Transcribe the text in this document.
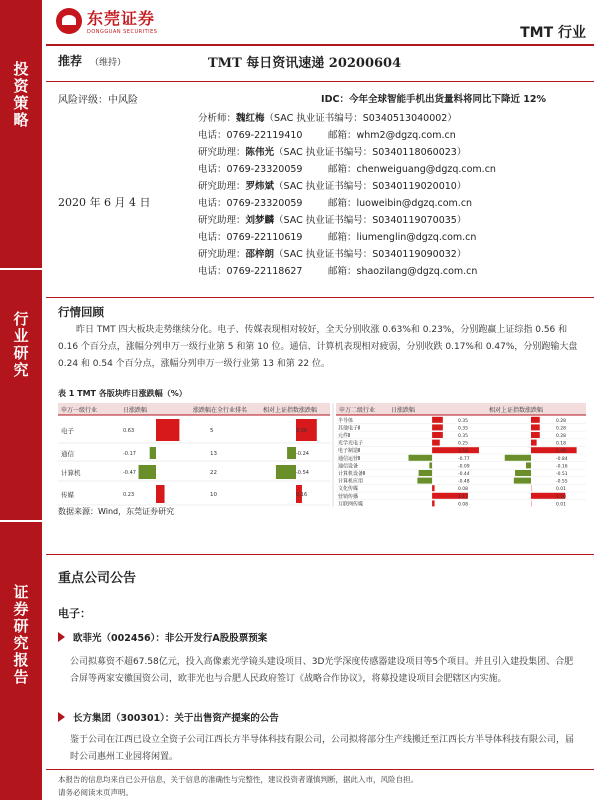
投资策略
行业研究
证券研究报告
东莞证券
DONGGUAN SECURITIES	TMT 行业
推荐 （维持）	TMT 每日资讯速递 20200604
风险评级：中风险	IDC：今年全球智能手机出货量料将同比下降近 12%
2020 年 6 月 4 日
分析师：魏红梅（SAC 执业证书编号：S0340513040002）
电话：0769-22119410	邮箱：whm2@dgzq.com.cn
研究助理：陈伟光（SAC 执业证书编号：S0340118060023）
电话：0769-23320059	邮箱：chenweiguang@dgzq.com.cn
研究助理：罗炜斌（SAC 执业证书编号：S0340119020010）
电话：0769-23320059	邮箱：luoweibin@dgzq.com.cn
研究助理：刘梦麟（SAC 执业证书编号：S0340119070035）
电话：0769-22110619	邮箱：liumenglin@dgzq.com.cn
研究助理：邵梓朗（SAC 执业证书编号：S0340119090032）
电话：0769-22118627	邮箱：shaozilang@dgzq.com.cn
行情回顾
昨日 TMT 四大板块走势继续分化。电子、传媒表现相对较好，全天分别收涨 0.63%和 0.23%，分别跑赢上证综指 0.56 和 0.16 个百分点，涨幅分列申万一级行业第 5 和第 10 位。通信、计算机表现相对疲弱，分别收跌 0.17%和 0.47%，分别跑输大盘 0.24 和 0.54 个百分点，涨幅分列申万一级行业第 13 和第 22 位。
表 1 TMT 各版块昨日涨跌幅（%）
申万一级行业	日涨跌幅	涨跌幅在全行业排名	相对上证指数涨跌幅
电子	0.63	5	0.56
通信	-0.17	13	-0.24
计算机	-0.47	22	-0.54
传媒	0.23	10	0.16
申万二级行业	日涨跌幅	相对上证指数涨跌幅
半导体	0.35	0.28
其他电子Ⅱ	0.35	0.28
元件Ⅱ	0.35	0.28
光学光电子	0.25	0.18
电子制造Ⅱ	1.53	1.46
通信运营Ⅱ	-0.77	-0.84
通信设备	-0.09	-0.16
计算机设备Ⅱ	-0.44	-0.51
计算机应用	-0.48	-0.55
文化传媒	0.08	0.01
营销传播	1.17	1.10
互联网传媒	0.08	0.01
数据来源：Wind，东莞证券研究
重点公司公告
电子：
欧菲光（002456）：非公开发行A股股票预案
公司拟募资不超67.58亿元，投入高像素光学镜头建设项目、3D光学深度传感器建设项目等5个项目。并且引入建投集团、合肥合屏等两家安徽国资公司，欧菲光也与合肥人民政府签订《战略合作协议》，将募投建设项目会肥辖区内实施。
长方集团（300301）：关于出售资产提案的公告
鉴于公司在江西已设立全资子公司江西长方半导体科技有限公司，公司拟将部分生产线搬迁至江西长方半导体科技有限公司，届时公司惠州工业园将闲置。
本报告的信息均来自已公开信息，关于信息的准确性与完整性，建议投资者谨慎判断，据此入市，风险自担。
请务必阅读末页声明。
